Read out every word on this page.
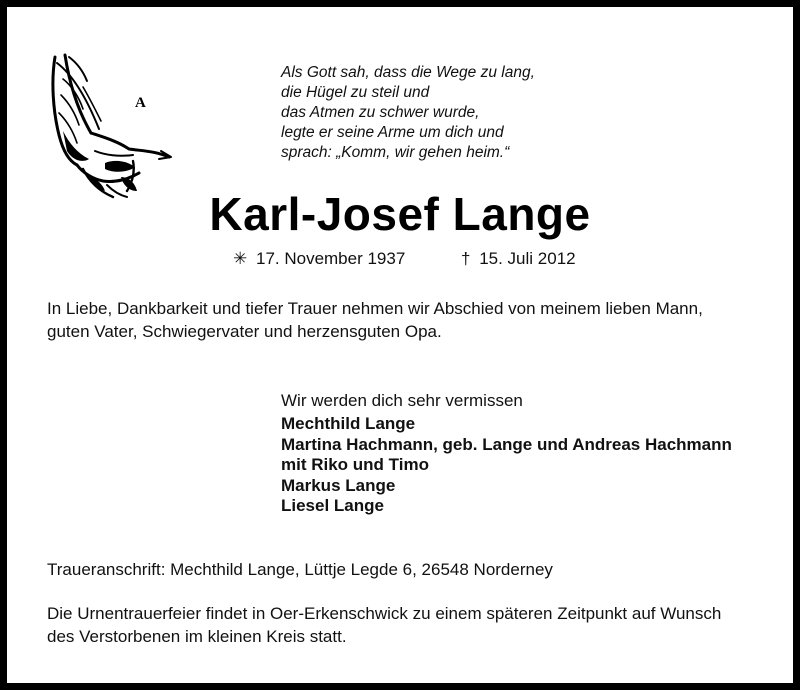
A
Als Gott sah, dass die Wege zu lang,
die Hügel zu steil und
das Atmen zu schwer wurde,
legte er seine Arme um dich und
sprach: „Komm, wir gehen heim.“
Karl-Josef Lange
✳ 17. November 1937	† 15. Juli 2012
In Liebe, Dankbarkeit und tiefer Trauer nehmen wir Abschied von meinem lieben Mann,
guten Vater, Schwiegervater und herzensguten Opa.
Wir werden dich sehr vermissen
Mechthild Lange
Martina Hachmann, geb. Lange und Andreas Hachmann
mit Riko und Timo
Markus Lange
Liesel Lange
Traueranschrift: Mechthild Lange, Lüttje Legde 6, 26548 Norderney
Die Urnentrauerfeier findet in Oer-Erkenschwick zu einem späteren Zeitpunkt auf Wunsch
des Verstorbenen im kleinen Kreis statt.
